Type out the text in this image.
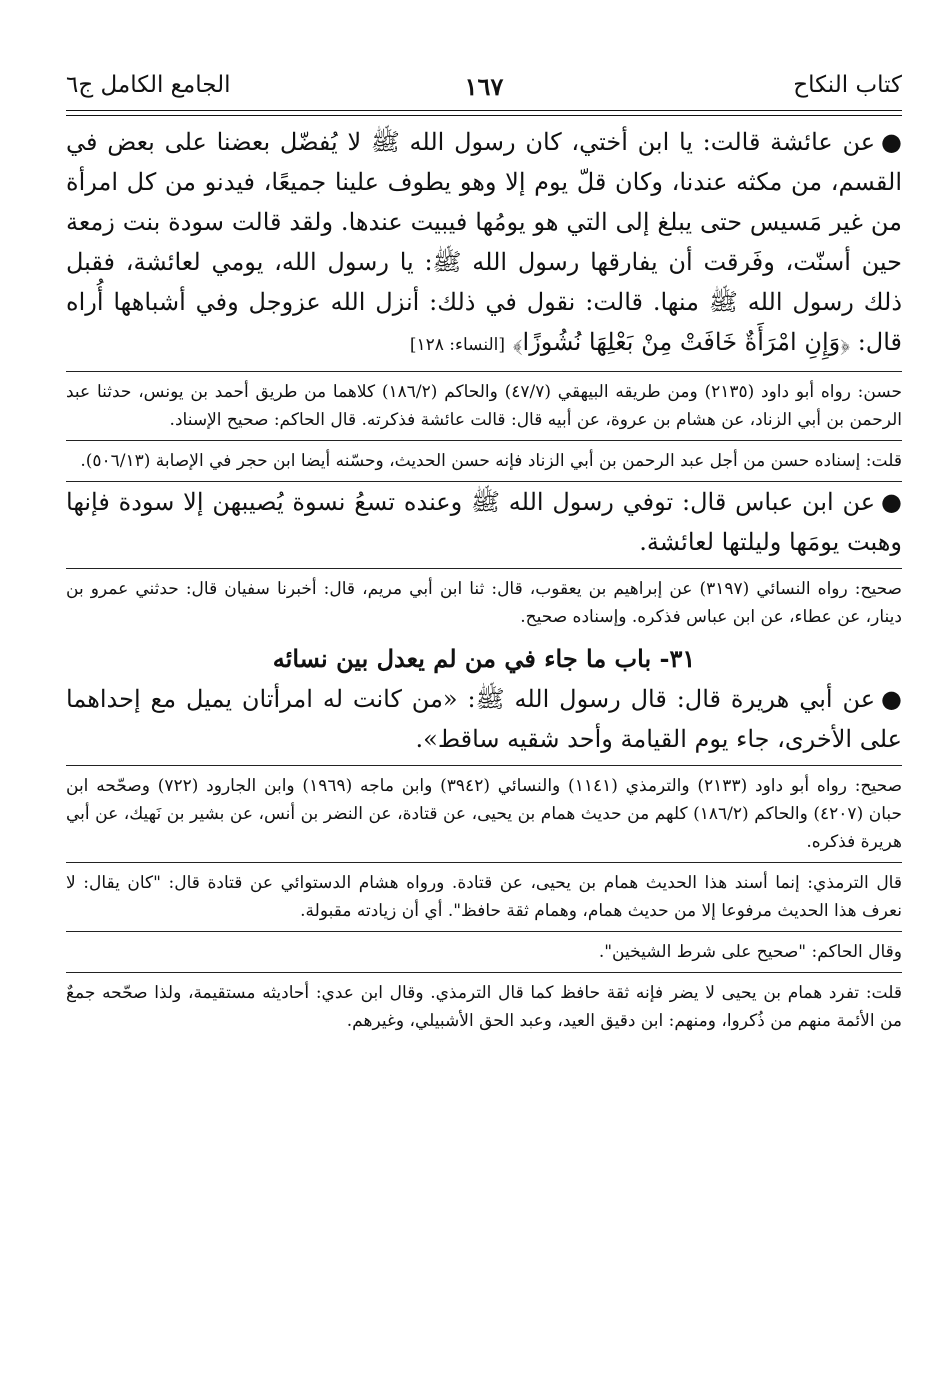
كتاب النكاح
١٦٧
الجامع الكامل ج٦

●عن عائشة قالت: يا ابن أختي، كان رسول الله ﷺ لا يُفضّل بعضنا على بعض في القسم، من مكثه عندنا، وكان قلّ يوم إلا وهو يطوف علينا جميعًا، فيدنو من كل امرأة من غير مَسيس حتى يبلغ إلى التي هو يومُها فيبيت عندها. ولقد قالت سودة بنت زمعة حين أسنّت، وفَرقت أن يفارقها رسول الله ﷺ: يا رسول الله، يومي لعائشة، فقبل ذلك رسول الله ﷺ منها. قالت: نقول في ذلك: أنزل الله عزوجل وفي أشباهها أُراه قال: ﴿وَإِنِ امْرَأَةٌ خَافَتْ مِنْ بَعْلِهَا نُشُوزًا﴾ [النساء: ١٢٨]

حسن: رواه أبو داود (٢١٣٥) ومن طريقه البيهقي (٤٧/٧) والحاكم (١٨٦/٢) كلاهما من طريق أحمد بن يونس، حدثنا عبد الرحمن بن أبي الزناد، عن هشام بن عروة، عن أبيه قال: قالت عائشة فذكرته. قال الحاكم: صحيح الإسناد.

قلت: إسناده حسن من أجل عبد الرحمن بن أبي الزناد فإنه حسن الحديث، وحسّنه أيضا ابن حجر في الإصابة (٥٠٦/١٣).

●عن ابن عباس قال: توفي رسول الله ﷺ وعنده تسعُ نسوة يُصيبهن إلا سودة فإنها وهبت يومَها وليلتها لعائشة.

صحيح: رواه النسائي (٣١٩٧) عن إبراهيم بن يعقوب، قال: ثنا ابن أبي مريم، قال: أخبرنا سفيان قال: حدثني عمرو بن دينار، عن عطاء، عن ابن عباس فذكره. وإسناده صحيح.

٣١- باب ما جاء في من لم يعدل بين نسائه

●عن أبي هريرة قال: قال رسول الله ﷺ: «من كانت له امرأتان يميل مع إحداهما على الأخرى، جاء يوم القيامة وأحد شقيه ساقط».

صحيح: رواه أبو داود (٢١٣٣) والترمذي (١١٤١) والنسائي (٣٩٤٢) وابن ماجه (١٩٦٩) وابن الجارود (٧٢٢) وصحّحه ابن حبان (٤٢٠٧) والحاكم (١٨٦/٢) كلهم من حديث همام بن يحيى، عن قتادة، عن النضر بن أنس، عن بشير بن نَهيك، عن أبي هريرة فذكره.

قال الترمذي: إنما أسند هذا الحديث همام بن يحيى، عن قتادة. ورواه هشام الدستوائي عن قتادة قال: "كان يقال: لا نعرف هذا الحديث مرفوعا إلا من حديث همام، وهمام ثقة حافظ". أي أن زيادته مقبولة.

وقال الحاكم: "صحيح على شرط الشيخين".

قلت: تفرد همام بن يحيى لا يضر فإنه ثقة حافظ كما قال الترمذي. وقال ابن عدي: أحاديثه مستقيمة، ولذا صحّحه جمعٌ من الأئمة منهم من ذُكروا، ومنهم: ابن دقيق العيد، وعبد الحق الأشبيلي، وغيرهم.
